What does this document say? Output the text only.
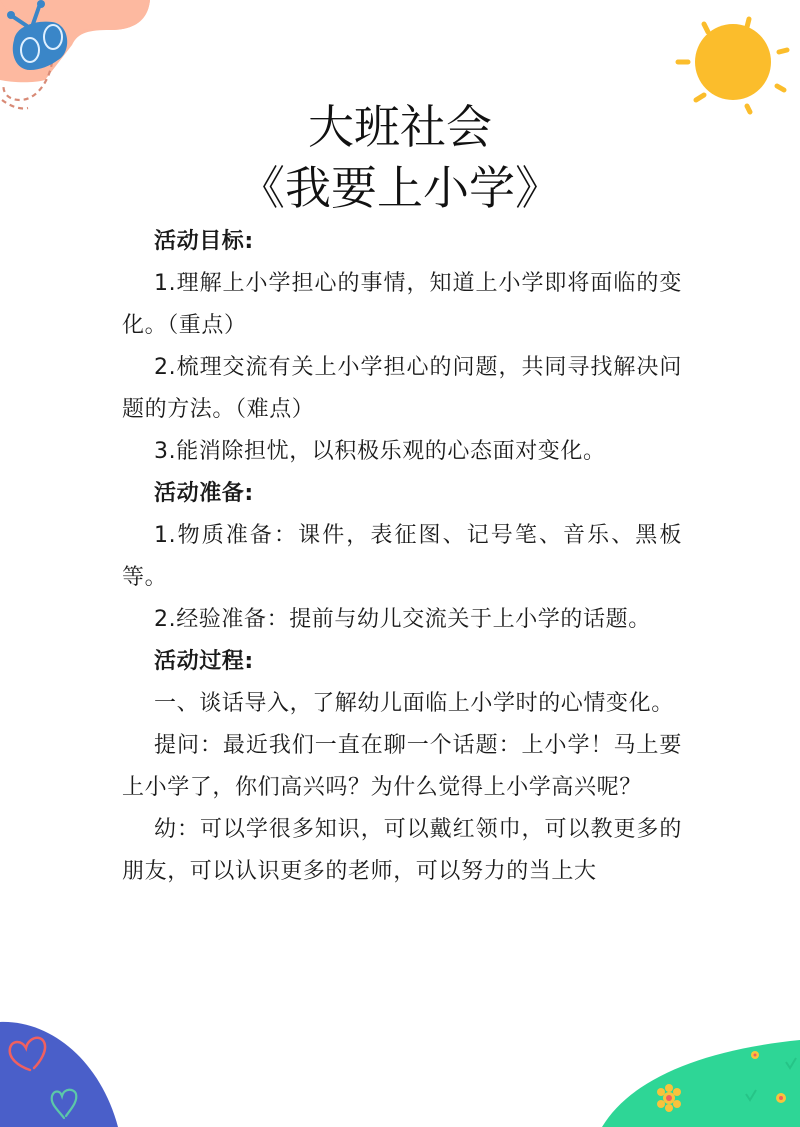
大班社会
《我要上小学》

活动目标:

1.理解上小学担心的事情，知道上小学即将面临的变化。（重点）

2.梳理交流有关上小学担心的问题，共同寻找解决问题的方法。（难点）

3.能消除担忧，以积极乐观的心态面对变化。

活动准备:

1.物质准备：课件，表征图、记号笔、音乐、黑板等。

2.经验准备：提前与幼儿交流关于上小学的话题。

活动过程:

一、谈话导入，了解幼儿面临上小学时的心情变化。

提问：最近我们一直在聊一个话题：上小学！马上要上小学了，你们高兴吗？为什么觉得上小学高兴呢？

幼：可以学很多知识，可以戴红领巾，可以教更多的朋友，可以认识更多的老师，可以努力的当上大
